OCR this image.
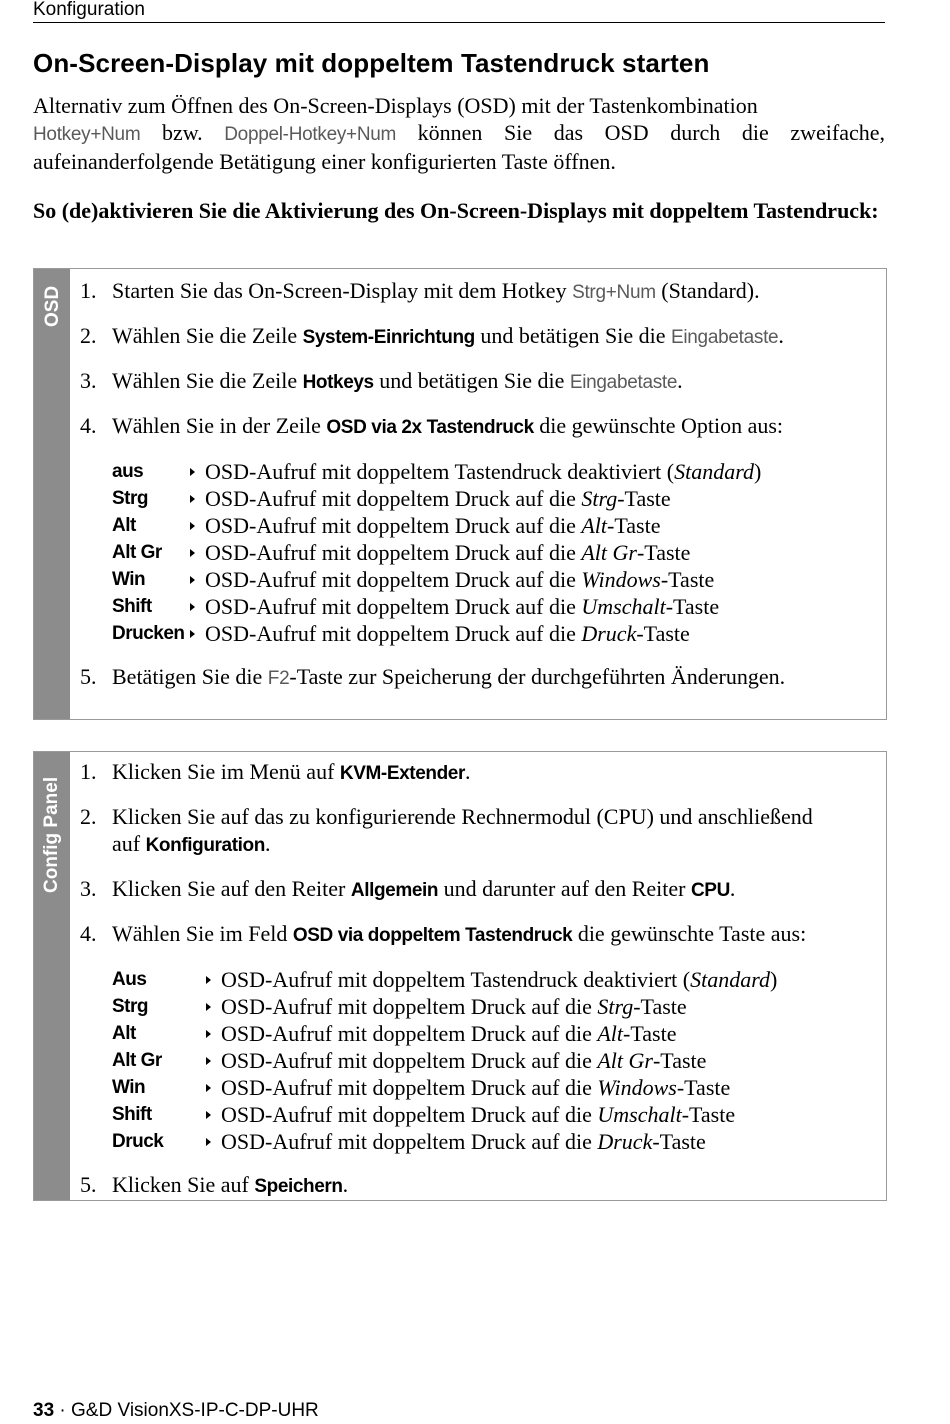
Konfiguration
On-Screen-Display mit doppeltem Tastendruck starten

Alternativ zum Öffnen des On-Screen-Displays (OSD) mit der Tastenkombination
Hotkey+Num bzw. Doppel-Hotkey+Num können Sie das OSD durch die zweifache, aufeinanderfolgende Betätigung einer konfigurierten Taste öffnen.

So (de)aktivieren Sie die Aktivierung des On-Screen-Displays mit doppeltem Tastendruck:

OSD 1. Starten Sie das On-Screen-Display mit dem Hotkey Strg+Num (Standard).
2. Wählen Sie die Zeile System-Einrichtung und betätigen Sie die Eingabetaste.
3. Wählen Sie die Zeile Hotkeys und betätigen Sie die Eingabetaste.
4. Wählen Sie in der Zeile OSD via 2x Tastendruck die gewünschte Option aus:
aus	OSD-Aufruf mit doppeltem Tastendruck deaktiviert (Standard)
Strg	OSD-Aufruf mit doppeltem Druck auf die Strg-Taste
Alt	OSD-Aufruf mit doppeltem Druck auf die Alt-Taste
Alt Gr	OSD-Aufruf mit doppeltem Druck auf die Alt Gr-Taste
Win	OSD-Aufruf mit doppeltem Druck auf die Windows-Taste
Shift	OSD-Aufruf mit doppeltem Druck auf die Umschalt-Taste
Drucken OSD-Aufruf mit doppeltem Druck auf die Druck-Taste
5. Betätigen Sie die F2-Taste zur Speicherung der durchgeführten Änderungen.
Config Panel
1. Klicken Sie im Menü auf KVM-Extender.
2. Klicken Sie auf das zu konfigurierende Rechnermodul (CPU) und anschließend auf Konfiguration.
3. Klicken Sie auf den Reiter Allgemein und darunter auf den Reiter CPU.
4. Wählen Sie im Feld OSD via doppeltem Tastendruck die gewünschte Taste aus:
Aus	OSD-Aufruf mit doppeltem Tastendruck deaktiviert (Standard)
Strg	OSD-Aufruf mit doppeltem Druck auf die Strg-Taste
Alt	OSD-Aufruf mit doppeltem Druck auf die Alt-Taste
Alt Gr	OSD-Aufruf mit doppeltem Druck auf die Alt Gr-Taste
Win	OSD-Aufruf mit doppeltem Druck auf die Windows-Taste
Shift	OSD-Aufruf mit doppeltem Druck auf die Umschalt-Taste
Druck	OSD-Aufruf mit doppeltem Druck auf die Druck-Taste
5. Klicken Sie auf Speichern.
33 · G&D VisionXS-IP-C-DP-UHR
